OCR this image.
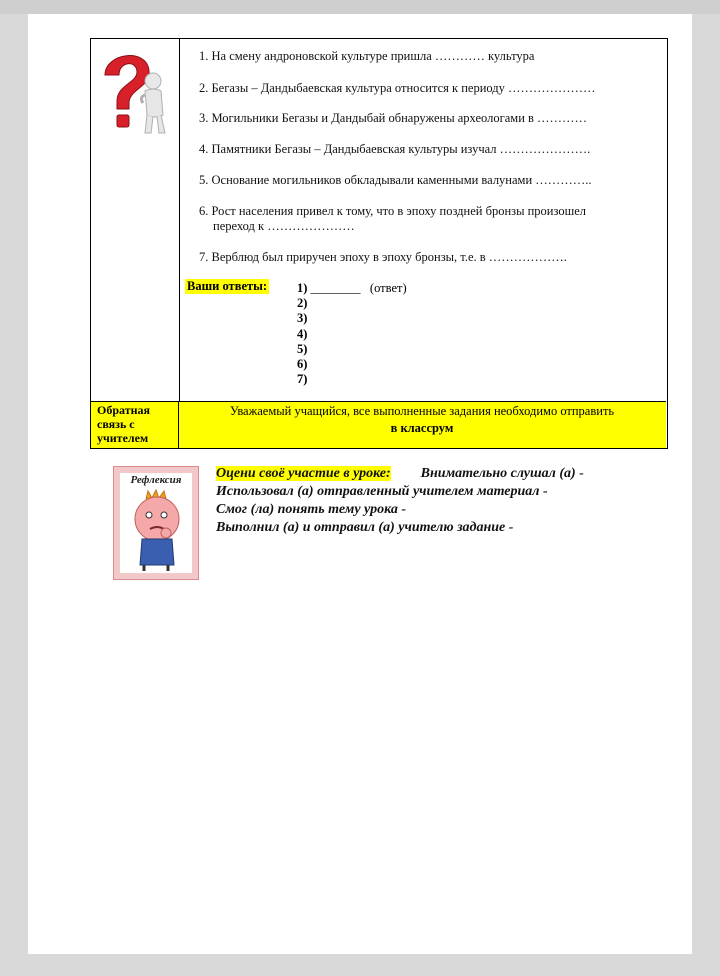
1. На смену андроновской культуре пришла ………… культура
2. Бегазы – Дандыбаевская культура относится к периоду …………………
3. Могильники Бегазы и Дандыбай обнаружены археологами в …………
4. Памятники Бегазы – Дандыбаевская культуры изучал ………………….
5. Основание могильников обкладывали каменными валунами …………..
6. Рост населения привел к тому, что в эпоху поздней бронзы произошел
переход к …………………
7. Верблюд был приручен эпоху в эпоху бронзы, т.е. в ……………….
Ваши ответы: 1) ________ (ответ)
2)
3)
4)
5)
6)
7)
Обратная связь с учителем
Уважаемый учащийся, все выполненные задания необходимо отправить
в классрум
Рефлексия	Оцени своё участие в уроке: Внимательно слушал (а) -
Использовал (а) отправленный учителем материал -
Смог (ла) понять тему урока -
Выполнил (а) и отправил (а) учителю задание -
